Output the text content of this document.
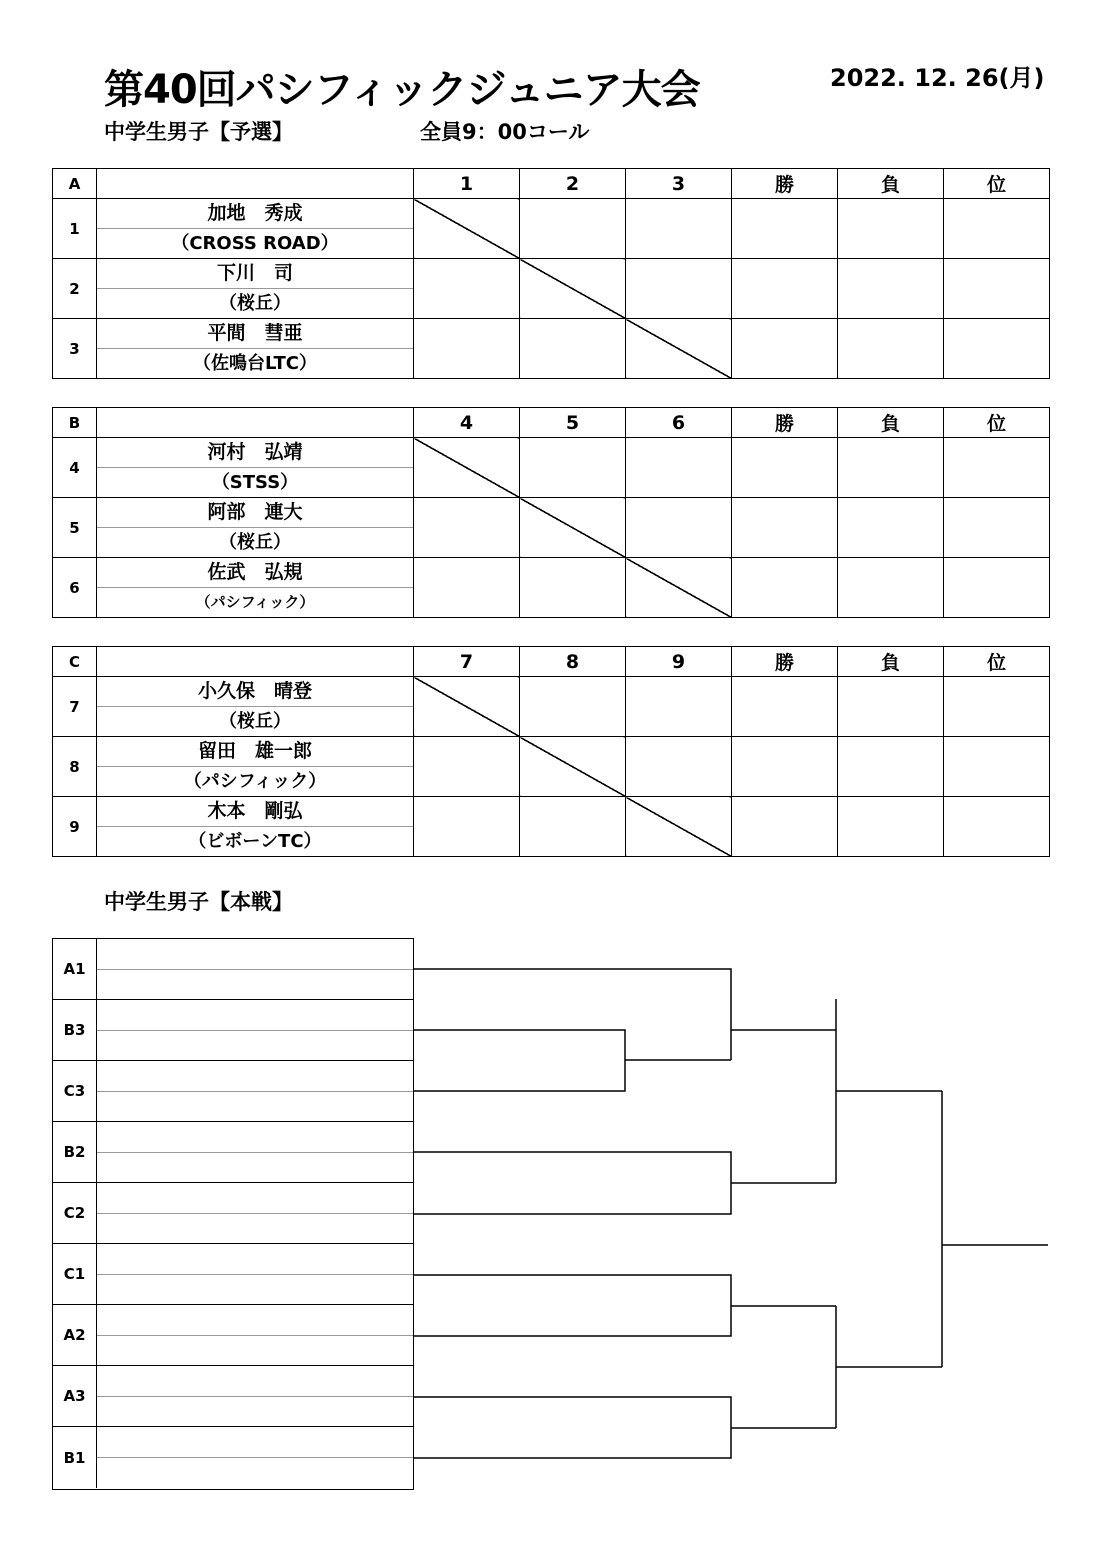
第40回パシフィックジュニア大会	2022. 12. 26(月)
中学生男子【予選】	全員9：00コール
A		1	2	3	勝	負	位
1	加地　秀成
（CROSS ROAD）						

2	下川　司
（桜丘）						

3	平間　彗亜
（佐鳴台LTC）						

B		4	5	6	勝	負	位
4	河村　弘靖
（STSS）						

5	阿部　連大
（桜丘）						

6	佐武　弘規
（パシフィック）						

C		7	8	9	勝	負	位
7	小久保　晴登
（桜丘）						

8	留田　雄一郎
（パシフィック）						

9	木本　剛弘
（ビボーンTC）						

中学生男子【本戦】
A1
B3
C3
B2
C2
C1
A2
A3
B1
